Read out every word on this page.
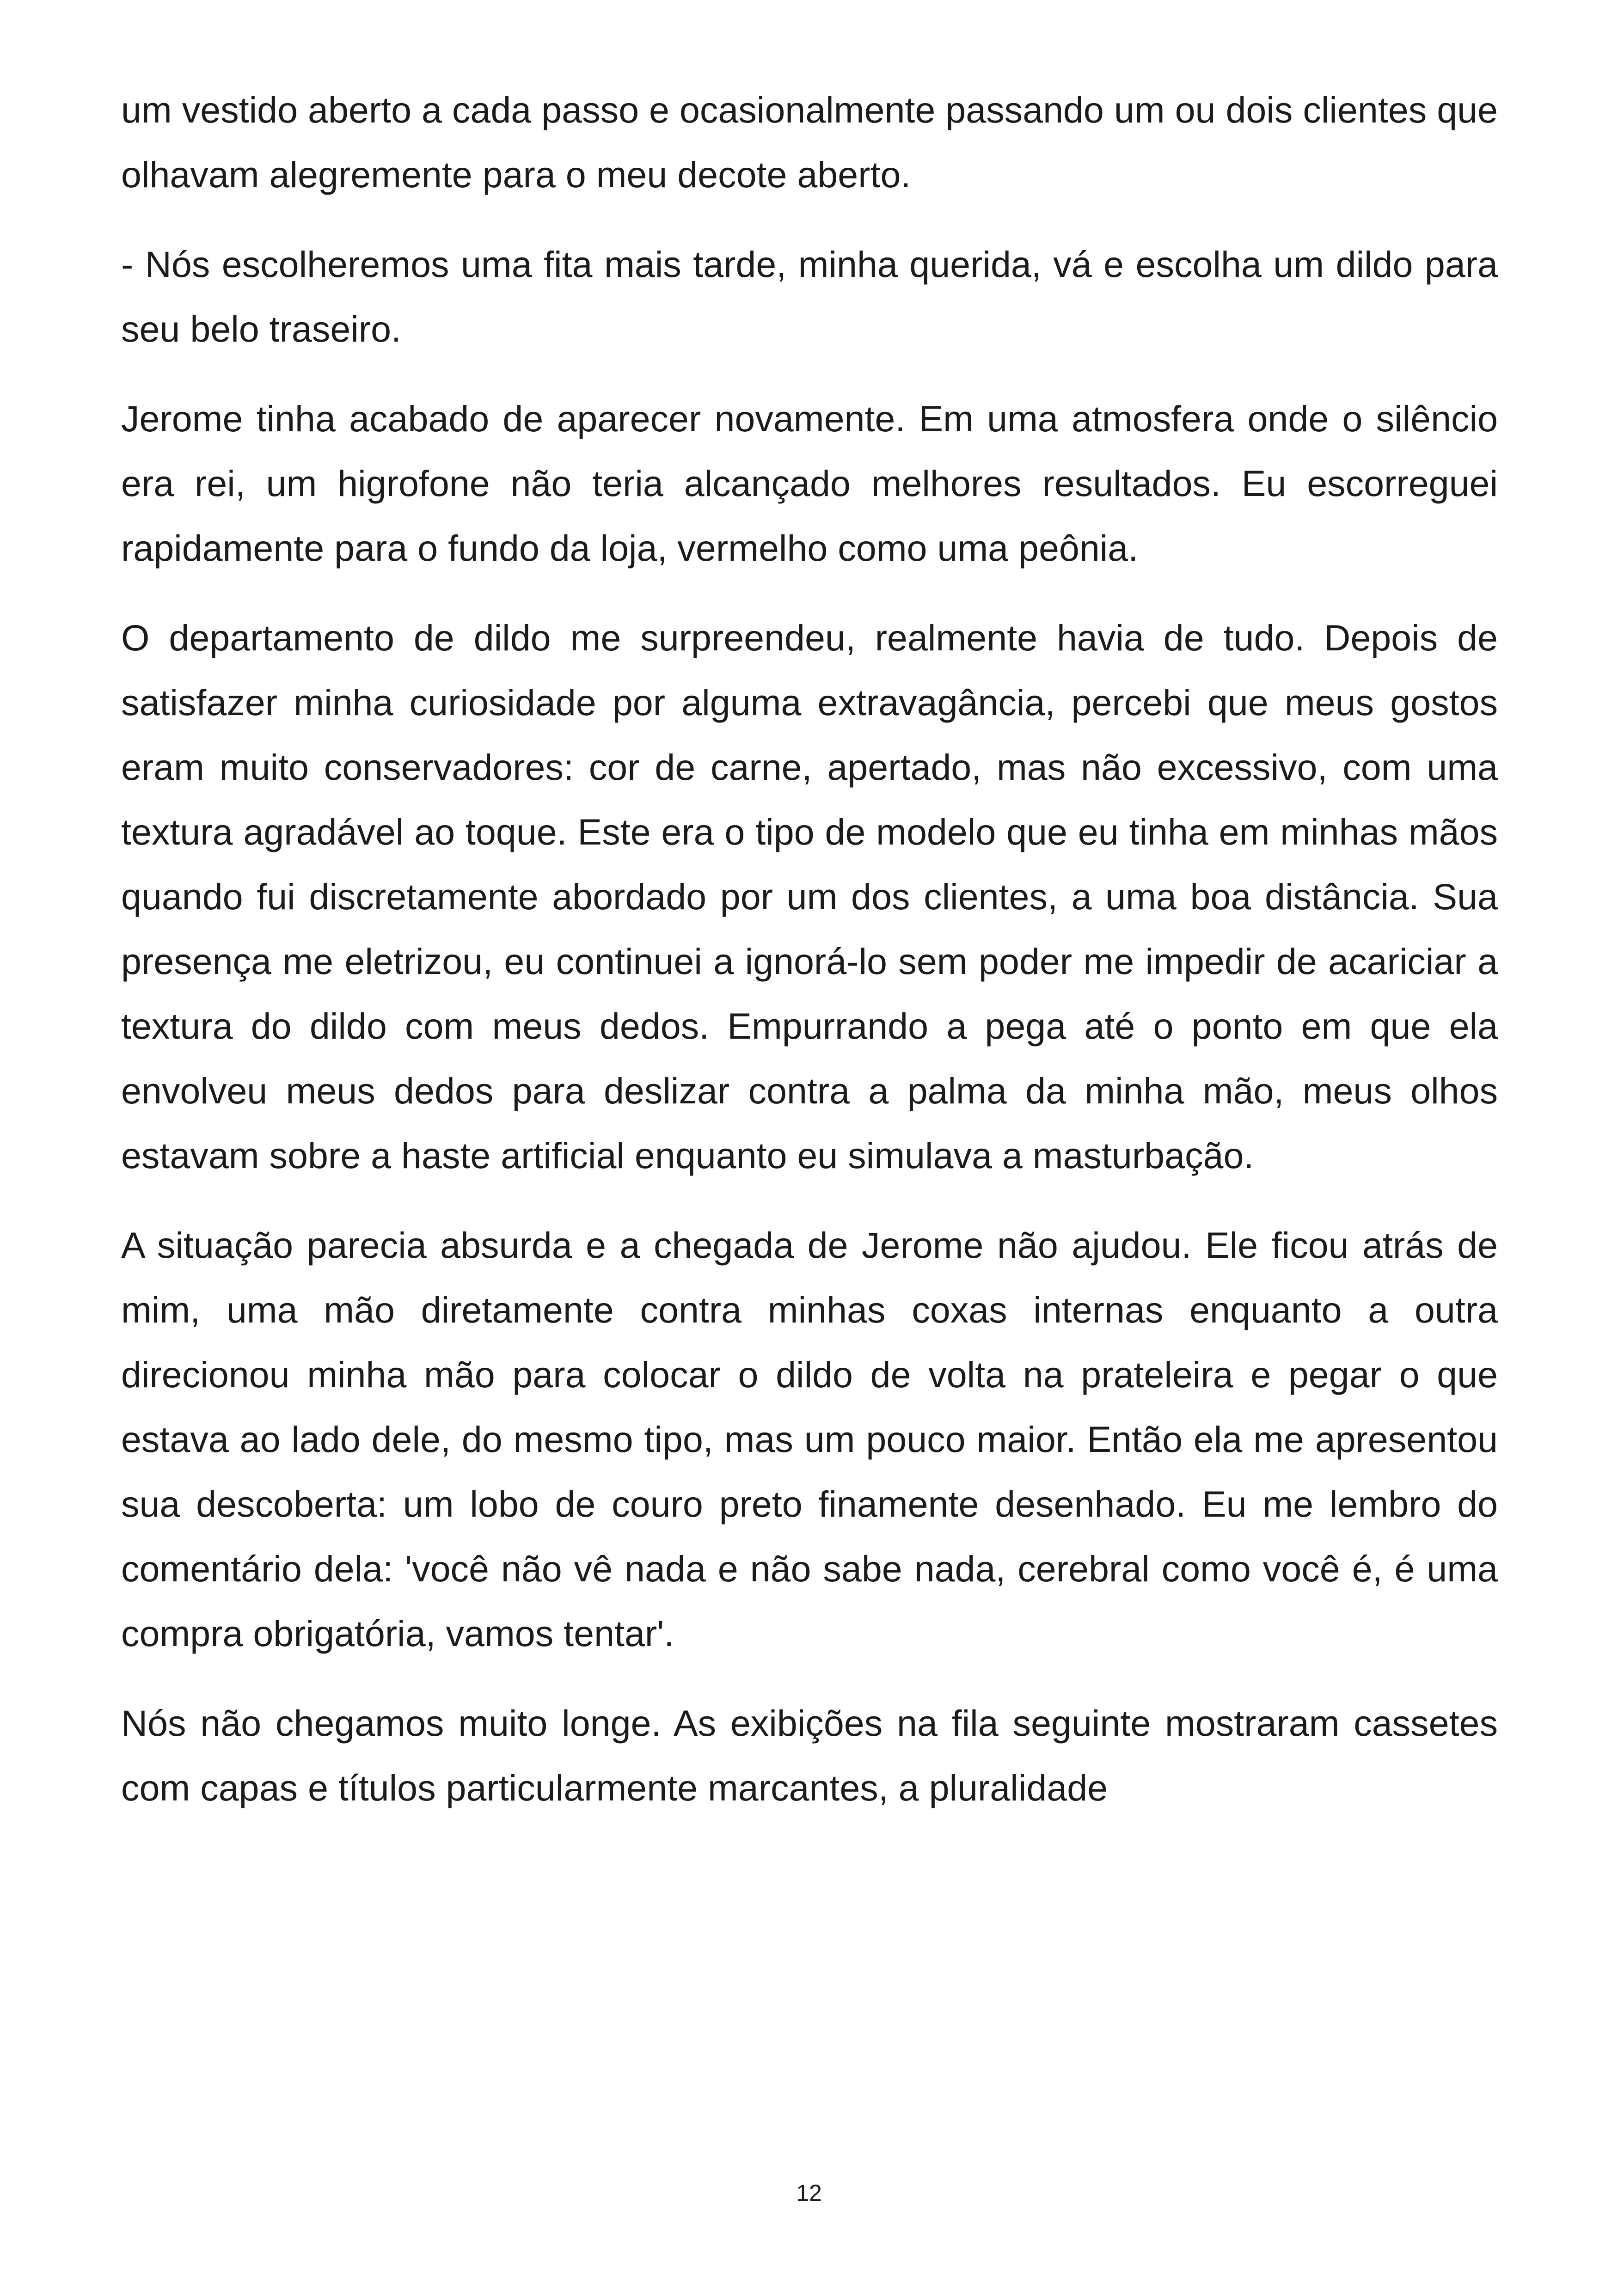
um vestido aberto a cada passo e ocasionalmente passando um ou dois clientes que olhavam alegremente para o meu decote aberto.

- Nós escolheremos uma fita mais tarde, minha querida, vá e escolha um dildo para seu belo traseiro.

Jerome tinha acabado de aparecer novamente. Em uma atmosfera onde o silêncio era rei, um higrofone não teria alcançado melhores resultados. Eu escorreguei rapidamente para o fundo da loja, vermelho como uma peônia.

O departamento de dildo me surpreendeu, realmente havia de tudo. Depois de satisfazer minha curiosidade por alguma extravagância, percebi que meus gostos eram muito conservadores: cor de carne, apertado, mas não excessivo, com uma textura agradável ao toque. Este era o tipo de modelo que eu tinha em minhas mãos quando fui discretamente abordado por um dos clientes, a uma boa distância. Sua presença me eletrizou, eu continuei a ignorá-lo sem poder me impedir de acariciar a textura do dildo com meus dedos. Empurrando a pega até o ponto em que ela envolveu meus dedos para deslizar contra a palma da minha mão, meus olhos estavam sobre a haste artificial enquanto eu simulava a masturbação.

A situação parecia absurda e a chegada de Jerome não ajudou. Ele ficou atrás de mim, uma mão diretamente contra minhas coxas internas enquanto a outra direcionou minha mão para colocar o dildo de volta na prateleira e pegar o que estava ao lado dele, do mesmo tipo, mas um pouco maior. Então ela me apresentou sua descoberta: um lobo de couro preto finamente desenhado. Eu me lembro do comentário dela: 'você não vê nada e não sabe nada, cerebral como você é, é uma compra obrigatória, vamos tentar'.

Nós não chegamos muito longe. As exibições na fila seguinte mostraram cassetes com capas e títulos particularmente marcantes, a pluralidade

12
